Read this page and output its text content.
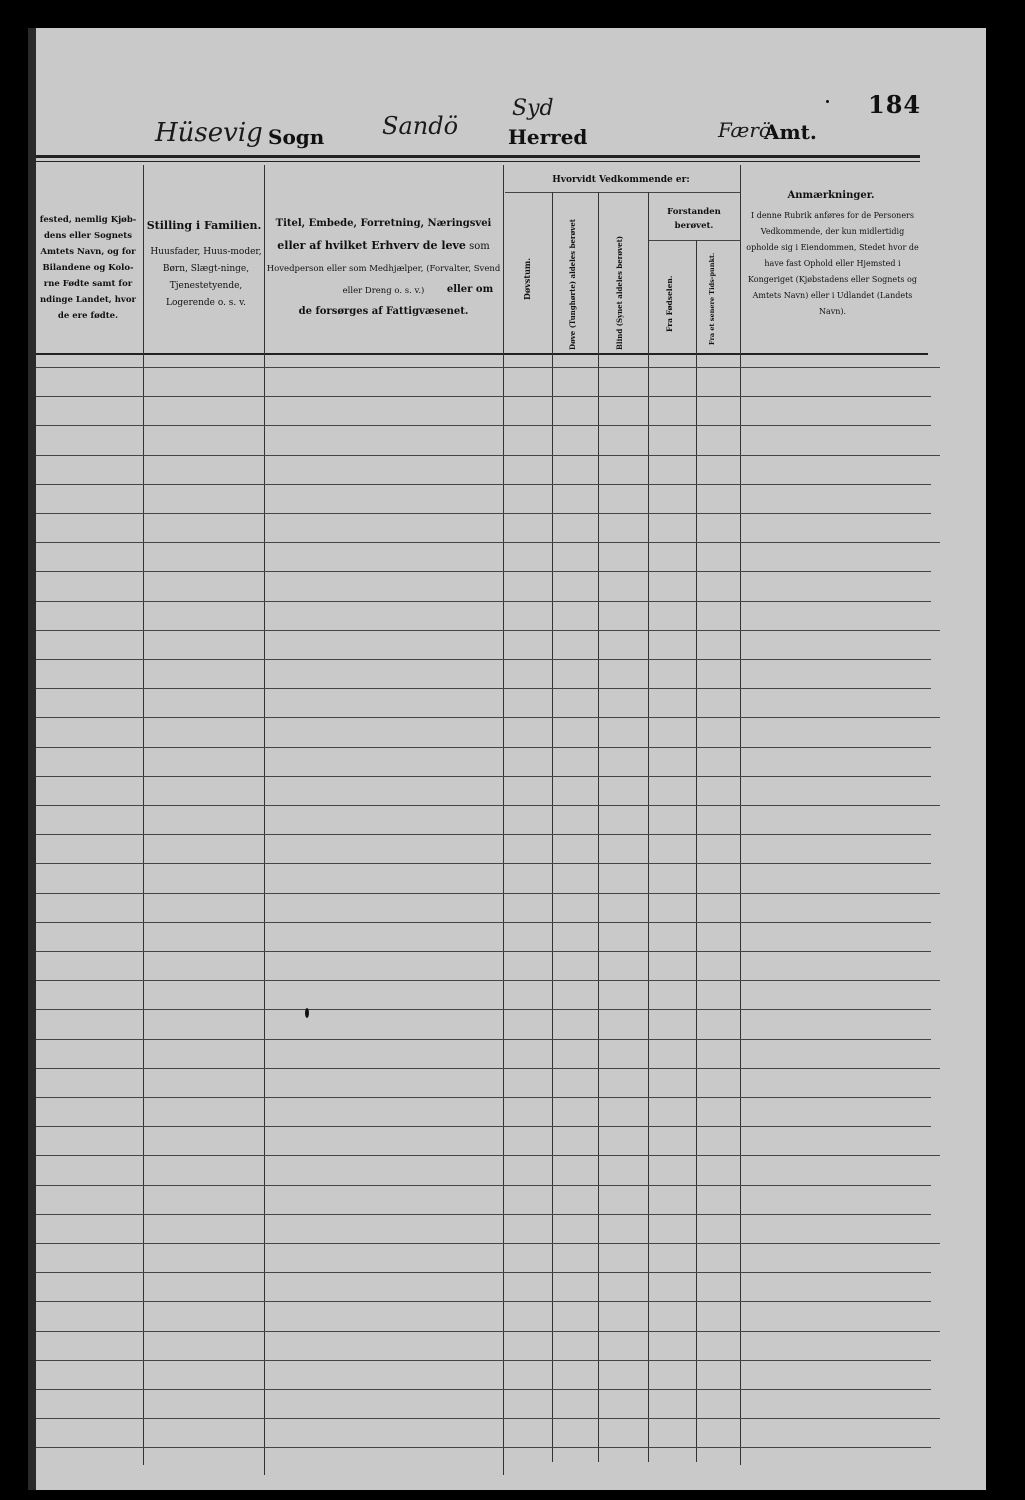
Hüsevig Sogn Sandö
Syd
Herred	Færö
Amt.
184
fested, nemlig Kjøb-dens eller Sognets Amtets Navn, og for Bilandene og Kolo-rne Fødte samt for ndinge Landet, hvor de ere fødte.
Stilling i Familien.
Huusfader, Huus-moder, Børn, Slægt-ninge, Tjenestetyende, Logerende o. s. v.
Titel, Embede, Forretning, Næringsvei
eller af hvilket Erhverv de leve som
Hovedperson eller som Medhjælper, (Forvalter, Svend eller Dreng o. s. v.)	eller om
de forsørges af Fattigvæsenet.
Hvorvidt Vedkommende er:
Forstanden berøvet.
Døvstum.	Døve (Tunghørte) aldeles berøvet	Blind (Synet aldeles berøvet)	Fra Fødselen.	Fra et senere Tids-punkt.
Anmærkninger.
I denne Rubrik anføres for de Personers Vedkommende, der kun midlertidig opholde sig i Eiendommen, Stedet hvor de have fast Ophold eller Hjemsted i Kongeriget (Kjøbstadens eller Sognets og Amtets Navn) eller i Udlandet (Landets Navn).
